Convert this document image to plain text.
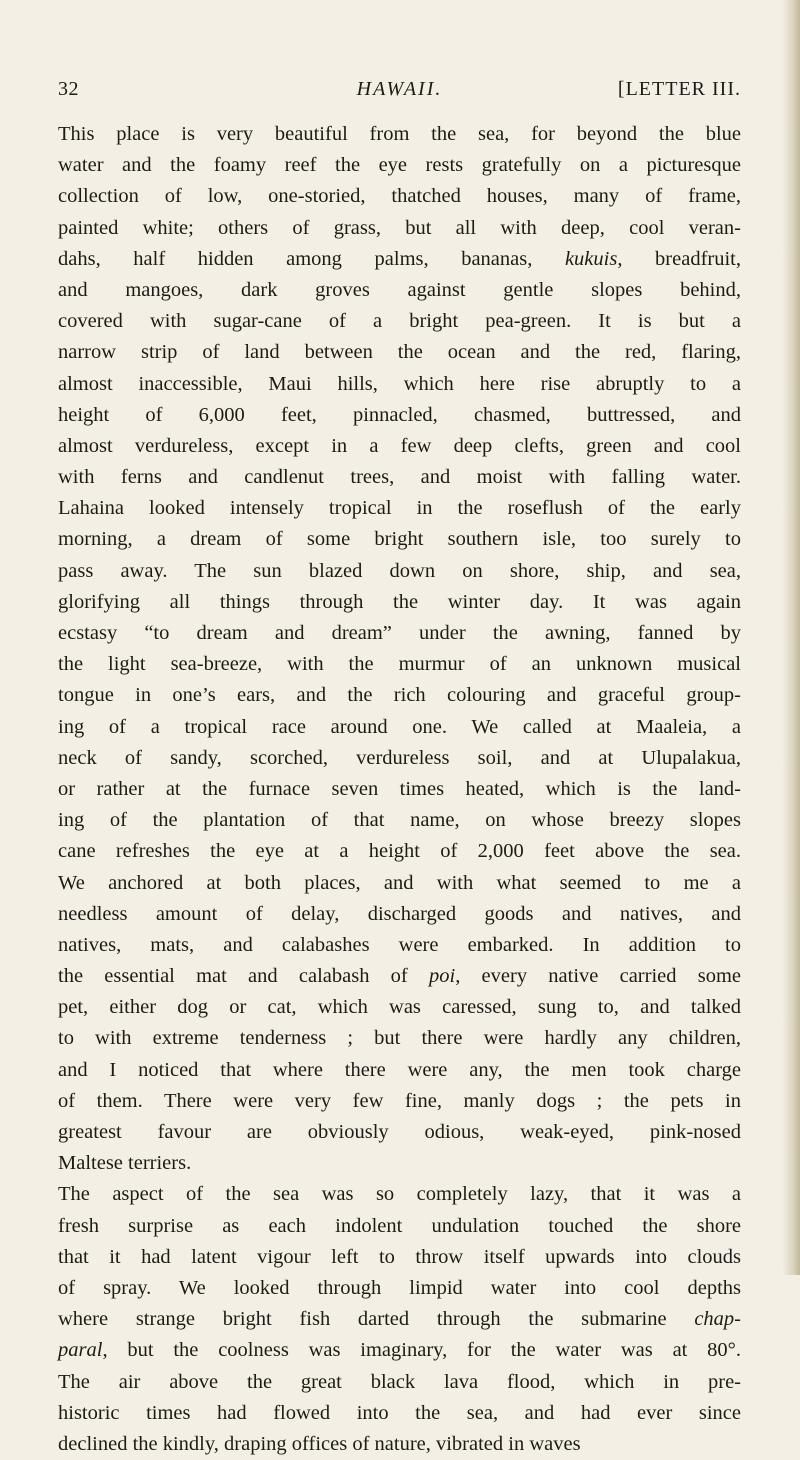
32	HAWAII.	[LETTER III.
This place is very beautiful from the sea, for beyond the blue
water and the foamy reef the eye rests gratefully on a picturesque
collection of low, one-storied, thatched houses, many of frame,
painted white; others of grass, but all with deep, cool veran-
dahs, half hidden among palms, bananas, kukuis, breadfruit,
and mangoes, dark groves against gentle slopes behind,
covered with sugar-cane of a bright pea-green. It is but a
narrow strip of land between the ocean and the red, flaring,
almost inaccessible, Maui hills, which here rise abruptly to a
height of 6,000 feet, pinnacled, chasmed, buttressed, and
almost verdureless, except in a few deep clefts, green and cool
with ferns and candlenut trees, and moist with falling water.
Lahaina looked intensely tropical in the roseflush of the early
morning, a dream of some bright southern isle, too surely to
pass away. The sun blazed down on shore, ship, and sea,
glorifying all things through the winter day. It was again
ecstasy “to dream and dream” under the awning, fanned by
the light sea-breeze, with the murmur of an unknown musical
tongue in one’s ears, and the rich colouring and graceful group-
ing of a tropical race around one. We called at Maaleia, a
neck of sandy, scorched, verdureless soil, and at Ulupalakua,
or rather at the furnace seven times heated, which is the land-
ing of the plantation of that name, on whose breezy slopes
cane refreshes the eye at a height of 2,000 feet above the sea.
We anchored at both places, and with what seemed to me a
needless amount of delay, discharged goods and natives, and
natives, mats, and calabashes were embarked. In addition to
the essential mat and calabash of poi, every native carried some
pet, either dog or cat, which was caressed, sung to, and talked
to with extreme tenderness ; but there were hardly any children,
and I noticed that where there were any, the men took charge
of them. There were very few fine, manly dogs ; the pets in
greatest favour are obviously odious, weak-eyed, pink-nosed
Maltese terriers.
The aspect of the sea was so completely lazy, that it was a
fresh surprise as each indolent undulation touched the shore
that it had latent vigour left to throw itself upwards into clouds
of spray. We looked through limpid water into cool depths
where strange bright fish darted through the submarine chap-
paral, but the coolness was imaginary, for the water was at 80°.
The air above the great black lava flood, which in pre-
historic times had flowed into the sea, and had ever since
declined the kindly, draping offices of nature, vibrated in waves
